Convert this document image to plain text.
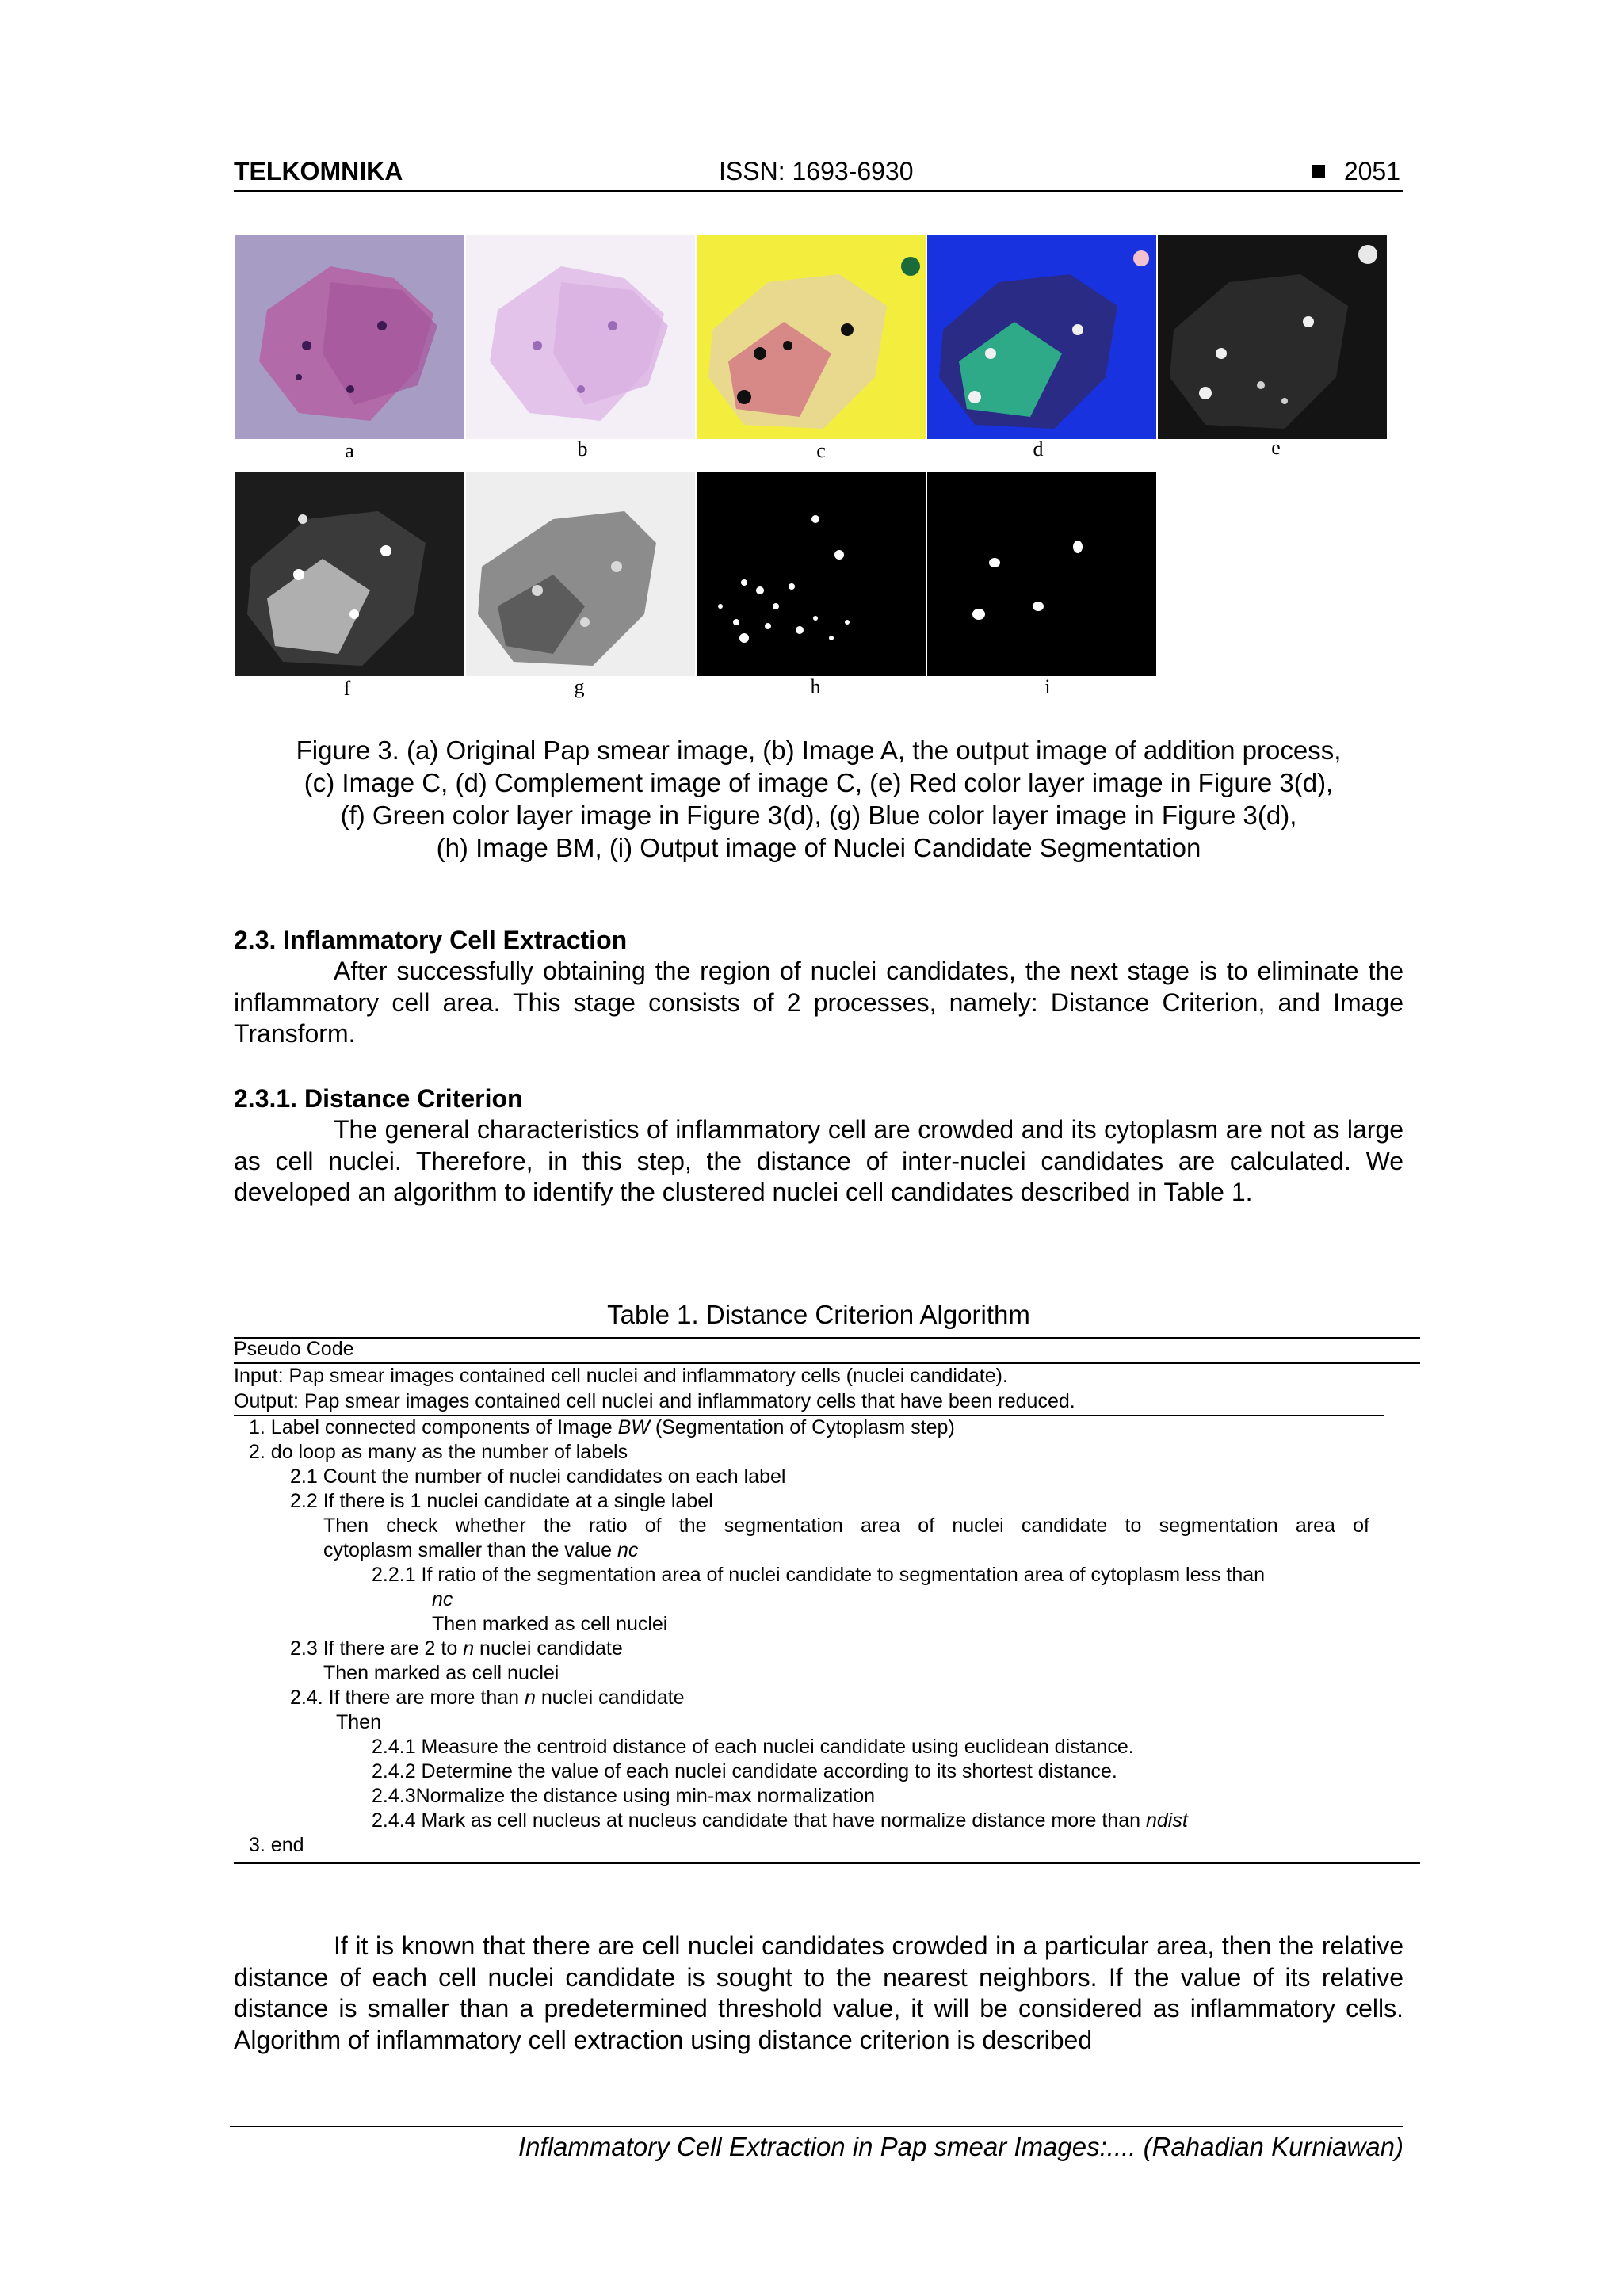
TELKOMNIKA	ISSN: 1693-6930	2051
a	b	c	d	e
f	g	h	i
Figure 3. (a) Original Pap smear image, (b) Image A, the output image of addition process,
(c) Image C, (d) Complement image of image C, (e) Red color layer image in Figure 3(d),
(f) Green color layer image in Figure 3(d), (g) Blue color layer image in Figure 3(d),
(h) Image BM, (i) Output image of Nuclei Candidate Segmentation
2.3. Inflammatory Cell Extraction
After successfully obtaining the region of nuclei candidates, the next stage is to eliminate the inflammatory cell area. This stage consists of 2 processes, namely: Distance Criterion, and Image Transform.
2.3.1. Distance Criterion
The general characteristics of inflammatory cell are crowded and its cytoplasm are not as large as cell nuclei. Therefore, in this step, the distance of inter-nuclei candidates are calculated. We developed an algorithm to identify the clustered nuclei cell candidates described in Table 1.
Table 1. Distance Criterion Algorithm
Pseudo Code
Input: Pap smear images contained cell nuclei and inflammatory cells (nuclei candidate).
Output: Pap smear images contained cell nuclei and inflammatory cells that have been reduced.
1. Label connected components of Image BW (Segmentation of Cytoplasm step)
2. do loop as many as the number of labels
2.1 Count the number of nuclei candidates on each label
2.2 If there is 1 nuclei candidate at a single label
Then check whether the ratio of the segmentation area of nuclei candidate to segmentation area of
cytoplasm smaller than the value nc
2.2.1 If ratio of the segmentation area of nuclei candidate to segmentation area of cytoplasm less than
nc
Then marked as cell nuclei
2.3 If there are 2 to n nuclei candidate
Then marked as cell nuclei
2.4. If there are more than n nuclei candidate
Then
2.4.1 Measure the centroid distance of each nuclei candidate using euclidean distance.
2.4.2 Determine the value of each nuclei candidate according to its shortest distance.
2.4.3Normalize the distance using min-max normalization
2.4.4 Mark as cell nucleus at nucleus candidate that have normalize distance more than ndist
3. end
If it is known that there are cell nuclei candidates crowded in a particular area, then the relative distance of each cell nuclei candidate is sought to the nearest neighbors. If the value of its relative distance is smaller than a predetermined threshold value, it will be considered as inflammatory cells. Algorithm of inflammatory cell extraction using distance criterion is described
Inflammatory Cell Extraction in Pap smear Images:.... (Rahadian Kurniawan)
